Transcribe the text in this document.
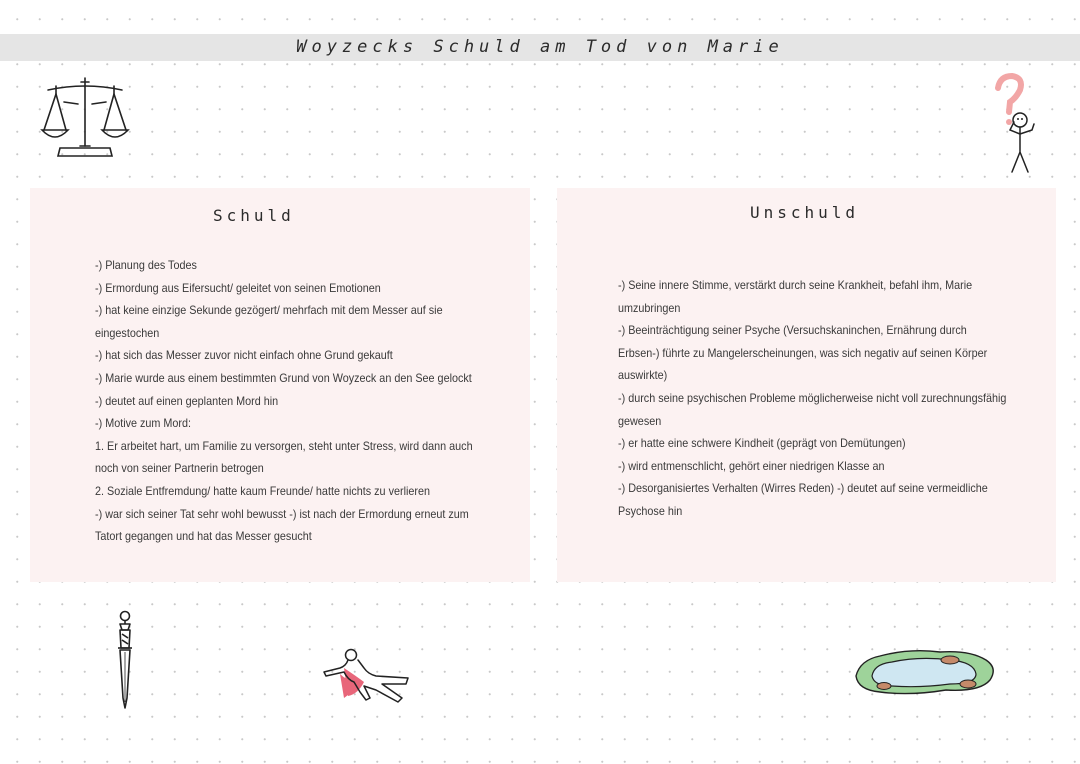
Woyzecks Schuld am Tod von Marie
Schuld
-) Planung des Todes
-) Ermordung aus Eifersucht/ geleitet von seinen Emotionen
-) hat keine einzige Sekunde gezögert/ mehrfach mit dem Messer auf sie
eingestochen
-) hat sich das Messer zuvor nicht einfach ohne Grund gekauft
-) Marie wurde aus einem bestimmten Grund von Woyzeck an den See gelockt
-) deutet auf einen geplanten Mord hin
-) Motive zum Mord:
1. Er arbeitet hart, um Familie zu versorgen, steht unter Stress, wird dann auch
noch von seiner Partnerin betrogen
2. Soziale Entfremdung/ hatte kaum Freunde/ hatte nichts zu verlieren
-) war sich seiner Tat sehr wohl bewusst -) ist nach der Ermordung erneut zum
Tatort gegangen und hat das Messer gesucht
Unschuld
-) Seine innere Stimme, verstärkt durch seine Krankheit, befahl ihm, Marie
umzubringen
-) Beeinträchtigung seiner Psyche (Versuchskaninchen, Ernährung durch
Erbsen-) führte zu Mangelerscheinungen, was sich negativ auf seinen Körper
auswirkte)
-) durch seine psychischen Probleme möglicherweise nicht voll zurechnungsfähig
gewesen
-) er hatte eine schwere Kindheit (geprägt von Demütungen)
-) wird entmenschlicht, gehört einer niedrigen Klasse an
-) Desorganisiertes Verhalten (Wirres Reden) -) deutet auf seine vermeidliche
Psychose hin
